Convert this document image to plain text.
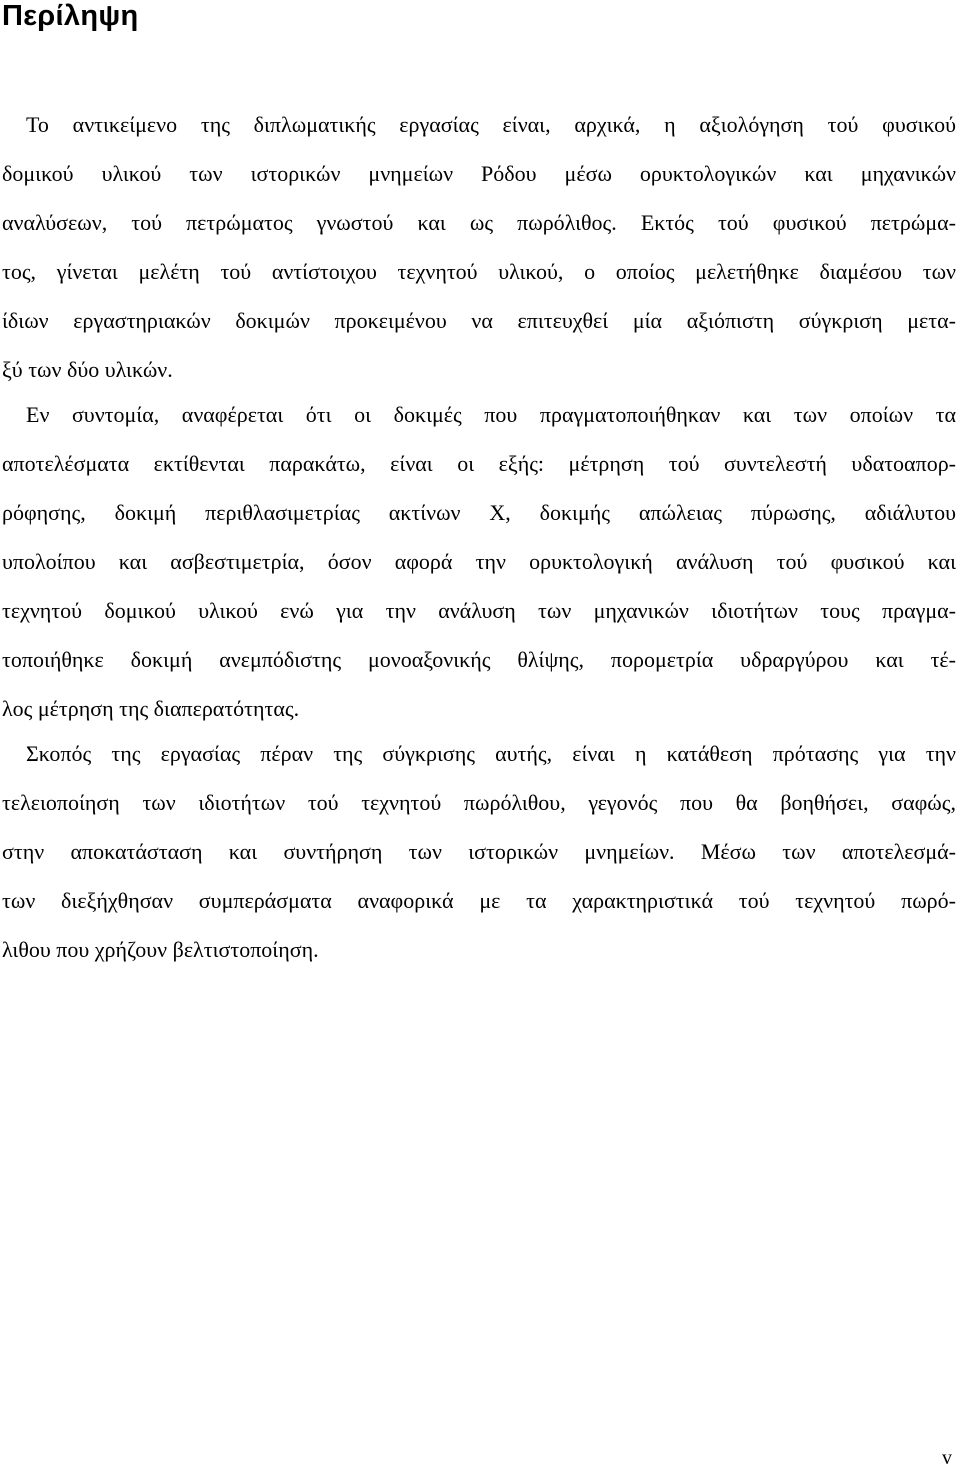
Περίληψη
Το αντικείμενο της διπλωματικής εργασίας είναι, αρχικά, η αξιολόγηση τού φυσικού
δομικού υλικού των ιστορικών μνημείων Ρόδου μέσω ορυκτολογικών και μηχανικών
αναλύσεων, τού πετρώματος γνωστού και ως πωρόλιθος. Εκτός τού φυσικού πετρώμα-
τος, γίνεται μελέτη τού αντίστοιχου τεχνητού υλικού, ο οποίος μελετήθηκε διαμέσου των
ίδιων εργαστηριακών δοκιμών προκειμένου να επιτευχθεί μία αξιόπιστη σύγκριση μετα-
ξύ των δύο υλικών.
Εν συντομία, αναφέρεται ότι οι δοκιμές που πραγματοποιήθηκαν και των οποίων τα
αποτελέσματα εκτίθενται παρακάτω, είναι οι εξής: μέτρηση τού συντελεστή υδατοαπορ-
ρόφησης, δοκιμή περιθλασιμετρίας ακτίνων Χ, δοκιμής απώλειας πύρωσης, αδιάλυτου
υπολοίπου και ασβεστιμετρία, όσον αφορά την ορυκτολογική ανάλυση τού φυσικού και
τεχνητού δομικού υλικού ενώ για την ανάλυση των μηχανικών ιδιοτήτων τους πραγμα-
τοποιήθηκε δοκιμή ανεμπόδιστης μονοαξονικής θλίψης, πορομετρία υδραργύρου και τέ-
λος μέτρηση της διαπερατότητας.
Σκοπός της εργασίας πέραν της σύγκρισης αυτής, είναι η κατάθεση πρότασης για την
τελειοποίηση των ιδιοτήτων τού τεχνητού πωρόλιθου, γεγονός που θα βοηθήσει, σαφώς,
στην αποκατάσταση και συντήρηση των ιστορικών μνημείων. Μέσω των αποτελεσμά-
των διεξήχθησαν συμπεράσματα αναφορικά με τα χαρακτηριστικά τού τεχνητού πωρό-
λιθου που χρήζουν βελτιστοποίηση.
v
